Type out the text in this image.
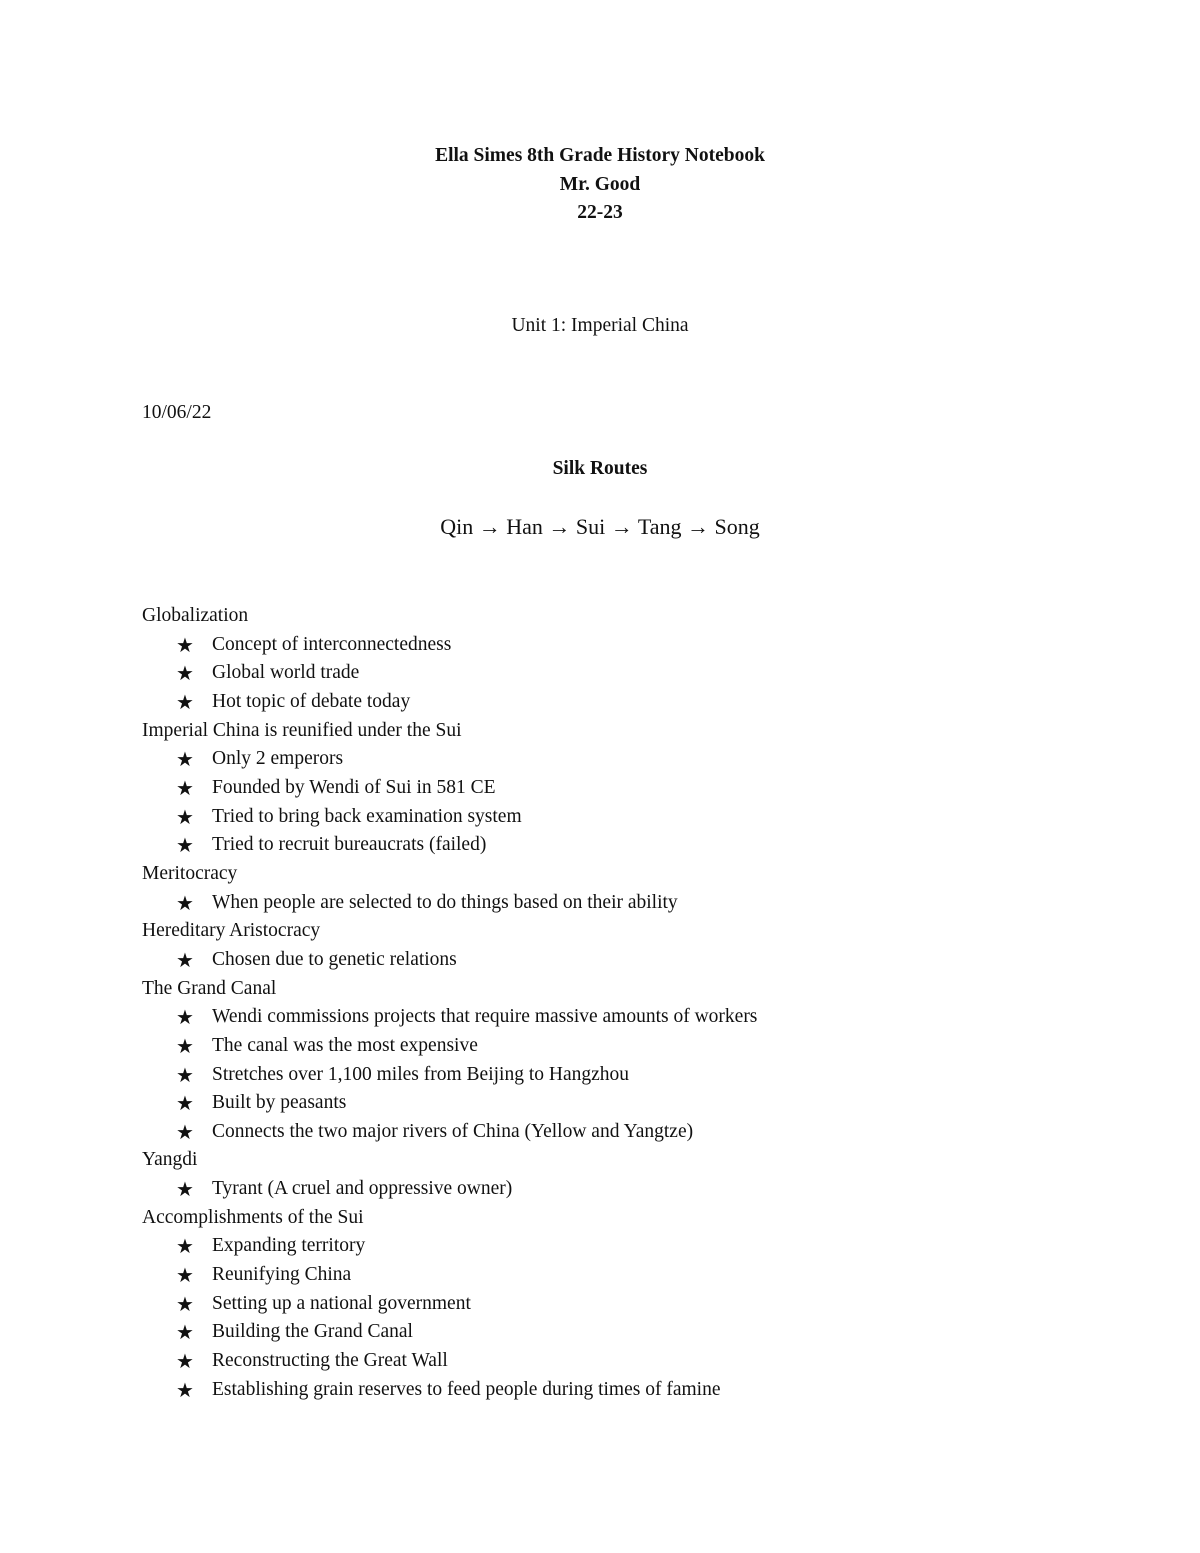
Ella Simes 8th Grade History Notebook
Mr. Good
22-23
Unit 1: Imperial China
10/06/22
Silk Routes
Qin → Han → Sui → Tang → Song
Globalization
★ Concept of interconnectedness
★ Global world trade
★ Hot topic of debate today
Imperial China is reunified under the Sui
★ Only 2 emperors
★ Founded by Wendi of Sui in 581 CE
★ Tried to bring back examination system
★ Tried to recruit bureaucrats (failed)
Meritocracy
★ When people are selected to do things based on their ability
Hereditary Aristocracy
★ Chosen due to genetic relations
The Grand Canal
★ Wendi commissions projects that require massive amounts of workers
★ The canal was the most expensive
★ Stretches over 1,100 miles from Beijing to Hangzhou
★ Built by peasants
★ Connects the two major rivers of China (Yellow and Yangtze)
Yangdi
★ Tyrant (A cruel and oppressive owner)
Accomplishments of the Sui
★ Expanding territory
★ Reunifying China
★ Setting up a national government
★ Building the Grand Canal
★ Reconstructing the Great Wall
★ Establishing grain reserves to feed people during times of famine
